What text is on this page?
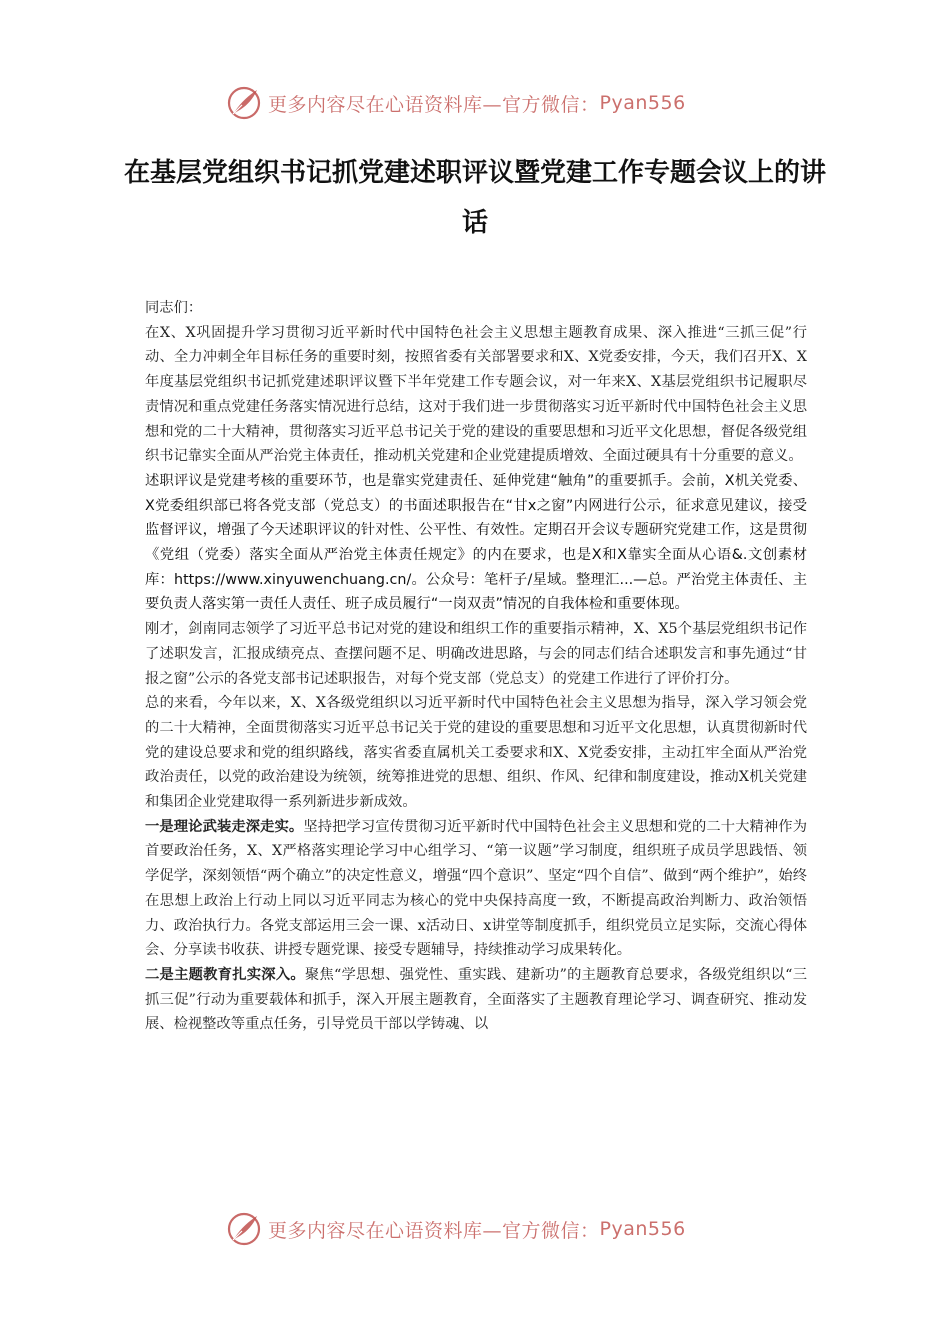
更多内容尽在心语资料库—官方微信： Pyan556
在基层党组织书记抓党建述职评议暨党建工作专题会议上的讲话

同志们：

在X、X巩固提升学习贯彻习近平新时代中国特色社会主义思想主题教育成果、深入推进“三抓三促”行动、全力冲刺全年目标任务的重要时刻，按照省委有关部署要求和X、X党委安排，今天，我们召开X、X年度基层党组织书记抓党建述职评议暨下半年党建工作专题会议，对一年来X、X基层党组织书记履职尽责情况和重点党建任务落实情况进行总结，这对于我们进一步贯彻落实习近平新时代中国特色社会主义思想和党的二十大精神，贯彻落实习近平总书记关于党的建设的重要思想和习近平文化思想，督促各级党组织书记靠实全面从严治党主体责任，推动机关党建和企业党建提质增效、全面过硬具有十分重要的意义。

述职评议是党建考核的重要环节，也是靠实党建责任、延伸党建“触角”的重要抓手。会前，X机关党委、X党委组织部已将各党支部（党总支）的书面述职报告在“甘x之窗”内网进行公示，征求意见建议，接受监督评议，增强了今天述职评议的针对性、公平性、有效性。定期召开会议专题研究党建工作，这是贯彻《党组（党委）落实全面从严治党主体责任规定》的内在要求，也是X和X靠实全面从心语&.文创素材库：https://www.xinyuwenchuang.cn/。公众号：笔杆子/星域。整理汇...—总。严治党主体责任、主要负责人落实第一责任人责任、班子成员履行“一岗双责”情况的自我体检和重要体现。

刚才，剑南同志领学了习近平总书记对党的建设和组织工作的重要指示精神，X、X5个基层党组织书记作了述职发言，汇报成绩亮点、查摆问题不足、明确改进思路，与会的同志们结合述职发言和事先通过“甘报之窗”公示的各党支部书记述职报告，对每个党支部（党总支）的党建工作进行了评价打分。

总的来看，今年以来，X、X各级党组织以习近平新时代中国特色社会主义思想为指导，深入学习领会党的二十大精神，全面贯彻落实习近平总书记关于党的建设的重要思想和习近平文化思想，认真贯彻新时代党的建设总要求和党的组织路线，落实省委直属机关工委要求和X、X党委安排，主动扛牢全面从严治党政治责任，以党的政治建设为统领，统筹推进党的思想、组织、作风、纪律和制度建设，推动X机关党建和集团企业党建取得一系列新进步新成效。

一是理论武装走深走实。坚持把学习宣传贯彻习近平新时代中国特色社会主义思想和党的二十大精神作为首要政治任务，X、X严格落实理论学习中心组学习、“第一议题”学习制度，组织班子成员学思践悟、领学促学，深刻领悟“两个确立”的决定性意义，增强“四个意识”、坚定“四个自信”、做到“两个维护”，始终在思想上政治上行动上同以习近平同志为核心的党中央保持高度一致，不断提高政治判断力、政治领悟力、政治执行力。各党支部运用三会一课、x活动日、x讲堂等制度抓手，组织党员立足实际，交流心得体会、分享读书收获、讲授专题党课、接受专题辅导，持续推动学习成果转化。

二是主题教育扎实深入。聚焦“学思想、强党性、重实践、建新功”的主题教育总要求，各级党组织以“三抓三促”行动为重要载体和抓手，深入开展主题教育，全面落实了主题教育理论学习、调查研究、推动发展、检视整改等重点任务，引导党员干部以学铸魂、以

更多内容尽在心语资料库—官方微信： Pyan556
